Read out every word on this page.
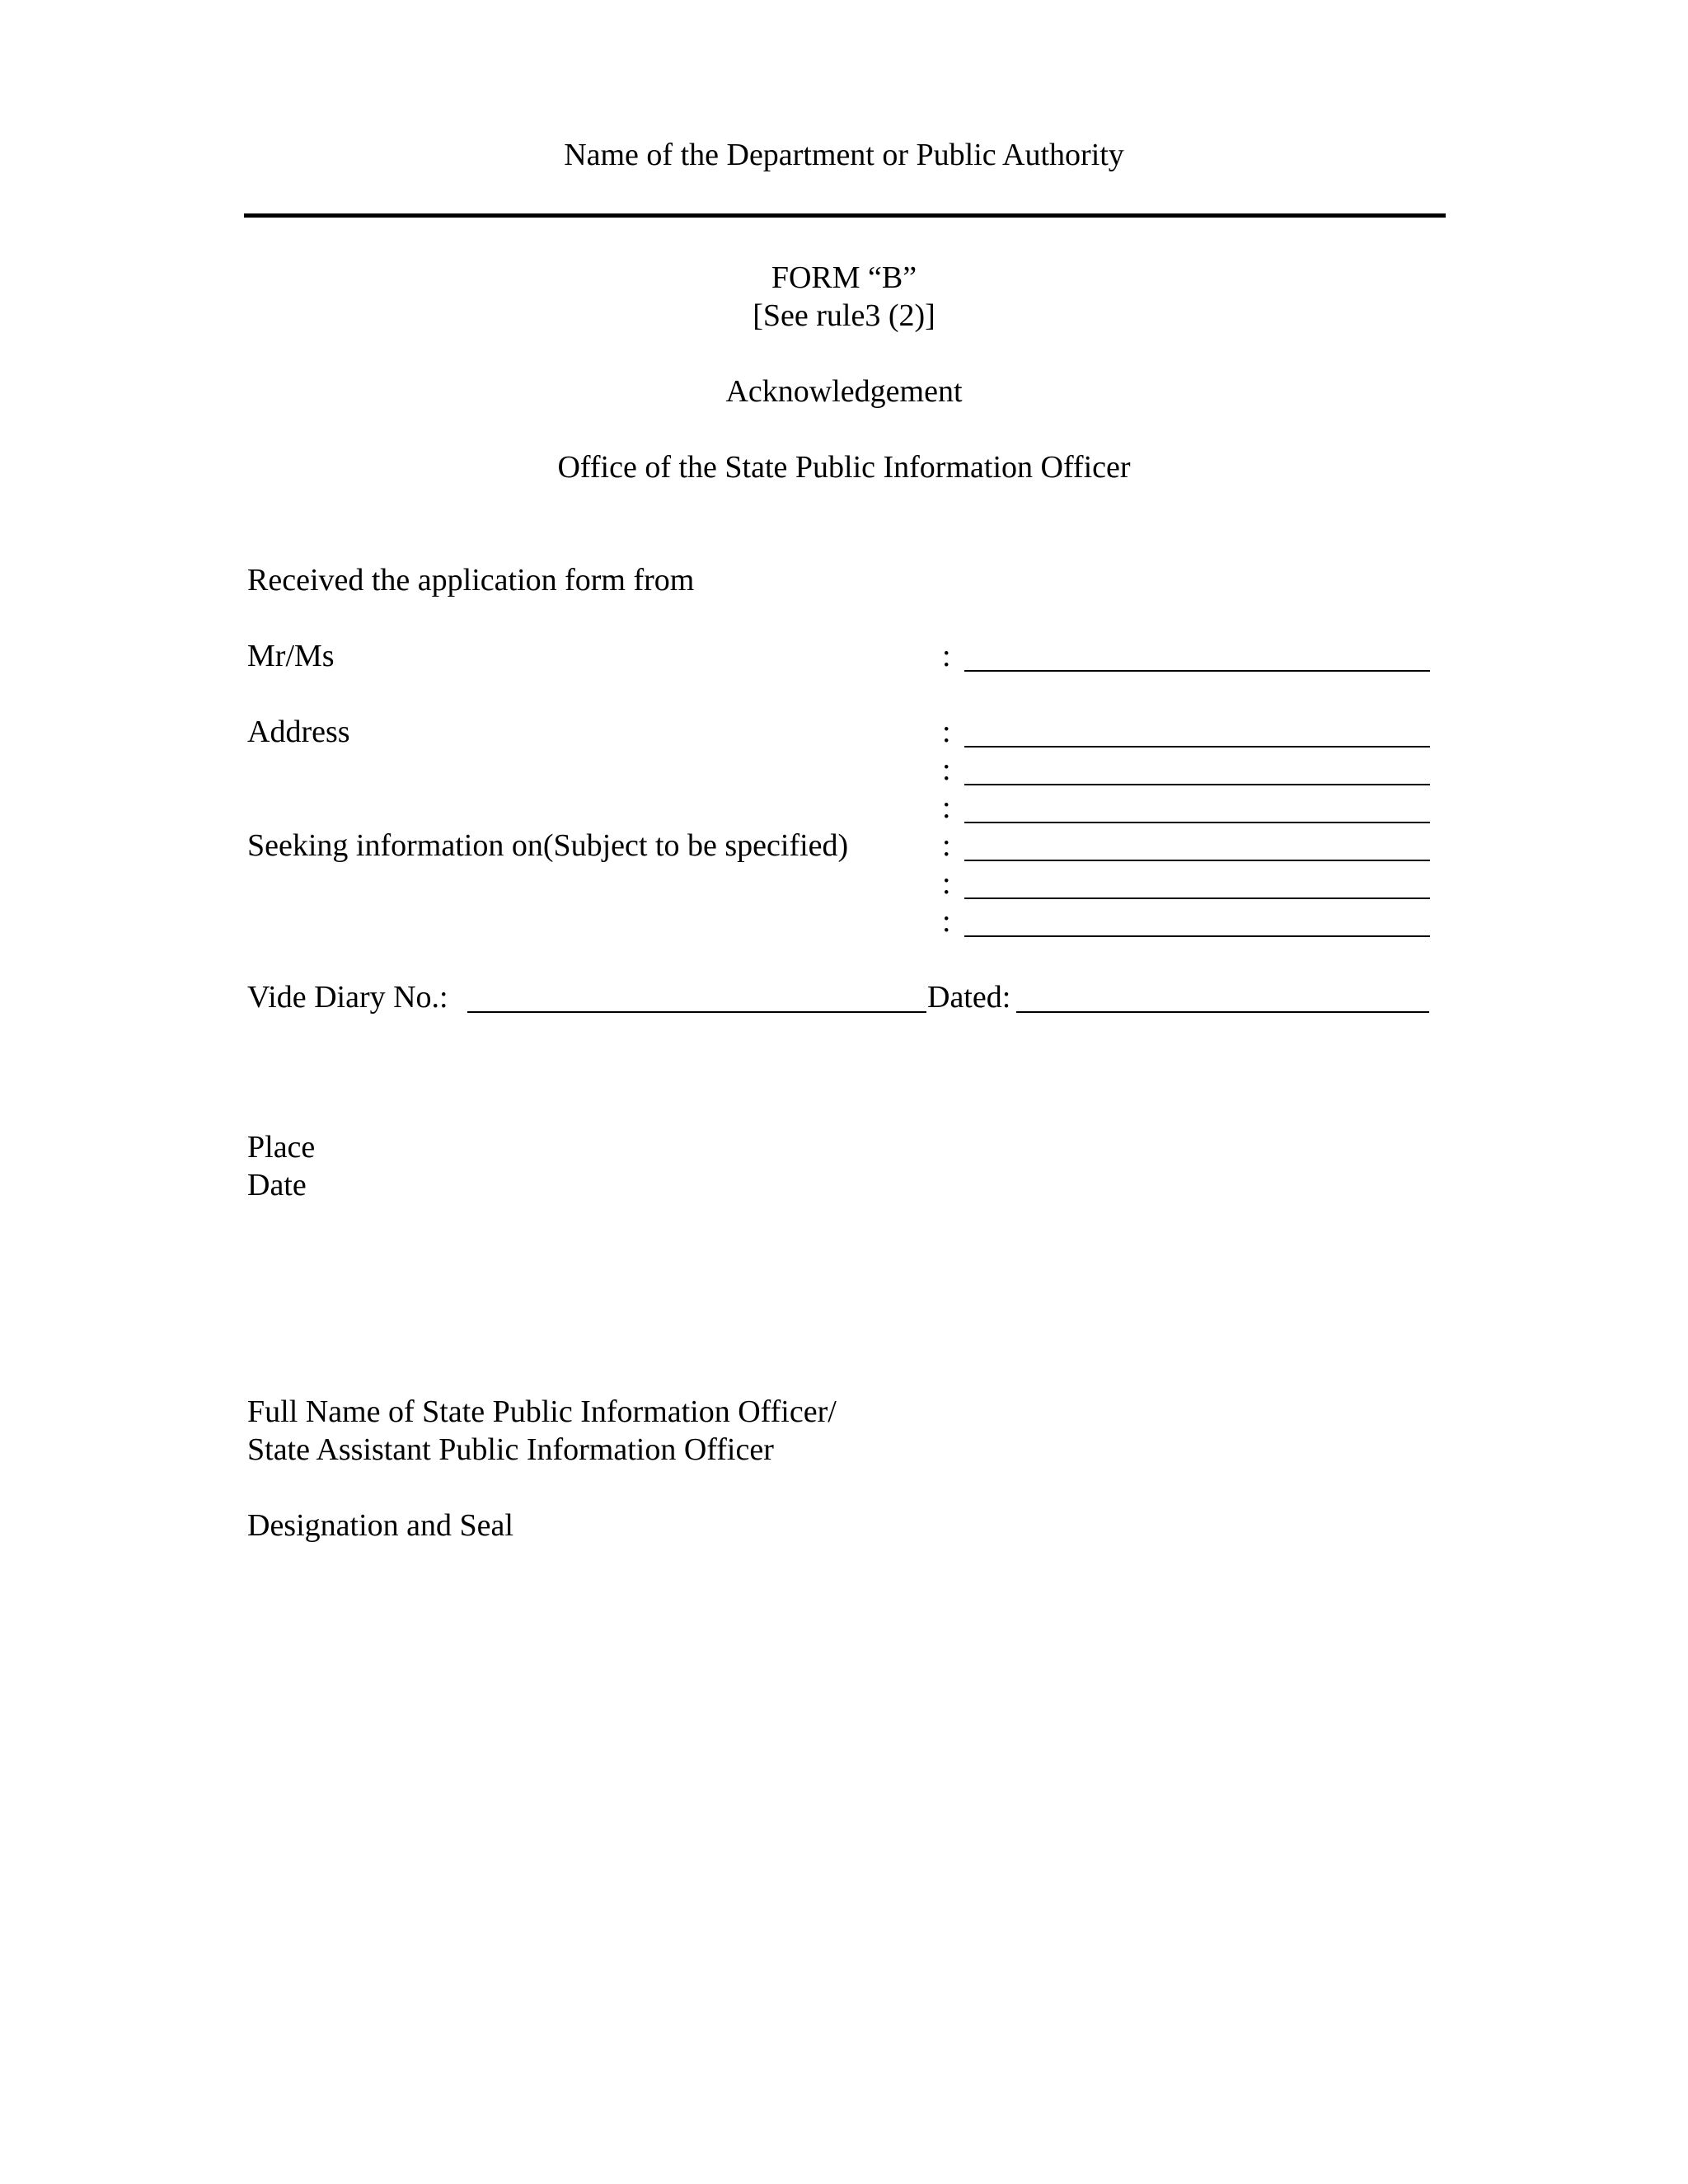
Name of the Department or Public Authority
FORM “B”
[See rule3 (2)]
Acknowledgement
Office of the State Public Information Officer
Received the application form from
Mr/Ms	:
Address	:
:
:
Seeking information on(Subject to be specified)	:
:
:
Vide Diary No.:	Dated:
Place
Date
Full Name of State Public Information Officer/
State Assistant Public Information Officer
Designation and Seal
